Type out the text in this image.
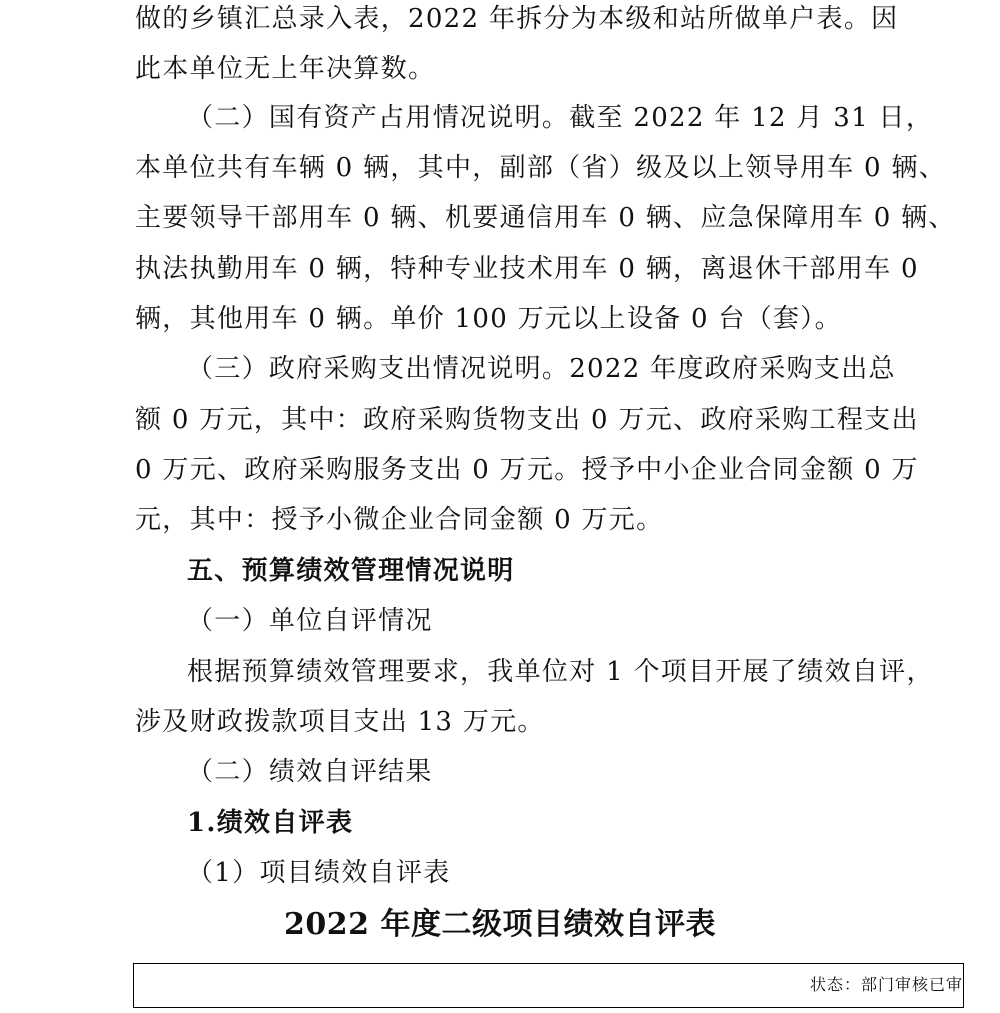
做的乡镇汇总录入表，2022 年拆分为本级和站所做单户表。因
此本单位无上年决算数。
（二）国有资产占用情况说明。截至 2022 年 12 月 31 日，
本单位共有车辆 0 辆，其中，副部（省）级及以上领导用车 0 辆、
主要领导干部用车 0 辆、机要通信用车 0 辆、应急保障用车 0 辆、
执法执勤用车 0 辆，特种专业技术用车 0 辆，离退休干部用车 0
辆，其他用车 0 辆。单价 100 万元以上设备 0 台（套）。
（三）政府采购支出情况说明。2022 年度政府采购支出总
额 0 万元，其中：政府采购货物支出 0 万元、政府采购工程支出
0 万元、政府采购服务支出 0 万元。授予中小企业合同金额 0 万
元，其中：授予小微企业合同金额 0 万元。
五、预算绩效管理情况说明
（一）单位自评情况
根据预算绩效管理要求，我单位对 1 个项目开展了绩效自评，
涉及财政拨款项目支出 13 万元。
（二）绩效自评结果
1.绩效自评表
（1）项目绩效自评表
2022 年度二级项目绩效自评表
状态：部门审核已审
